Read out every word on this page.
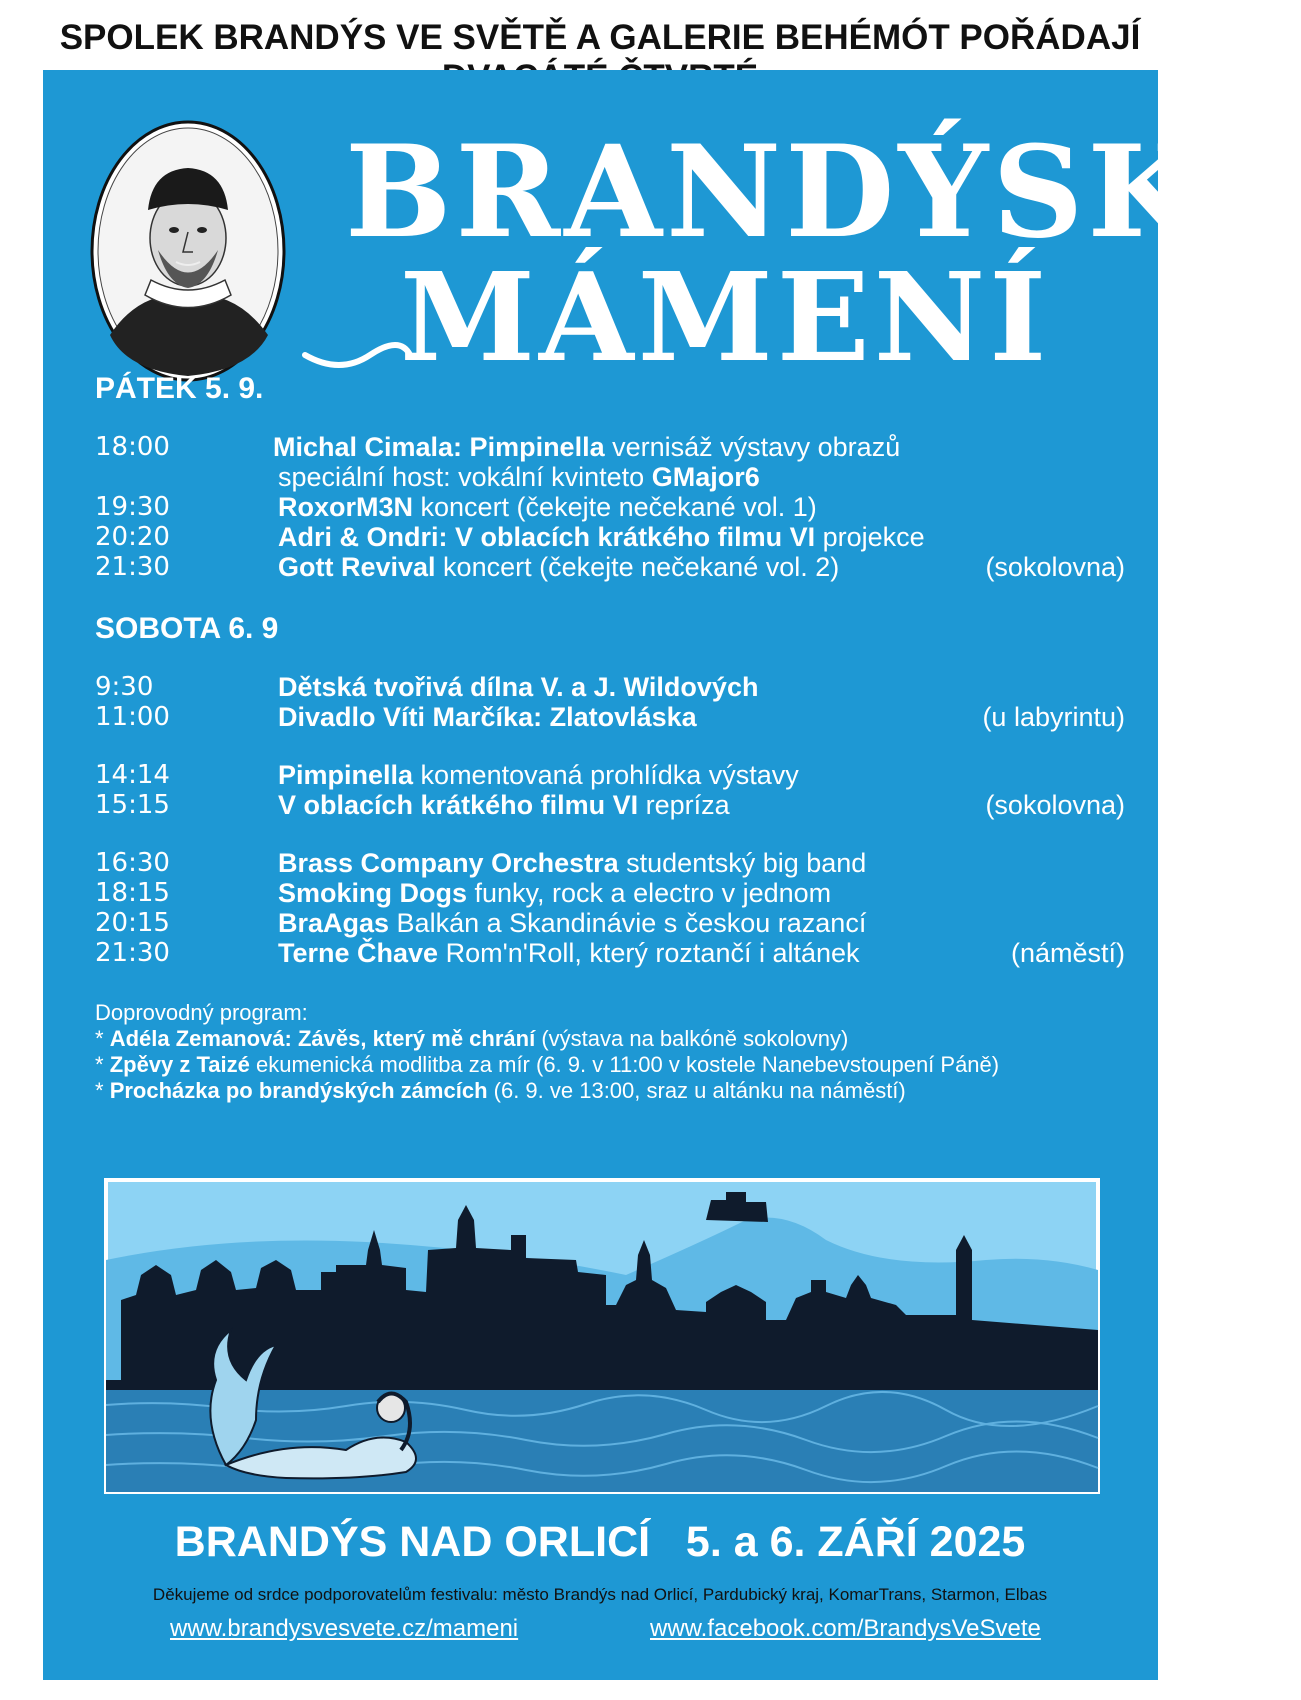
SPOLEK BRANDÝS VE SVĚTĚ A GALERIE BEHÉMÓT POŘÁDAJÍ
BRANDÝSKÉ
MÁMENÍ
PÁTEK 5. 9.
18:00	Michal Cimala: Pimpinella vernisáž výstavy obrazů
speciální host: vokální kvinteto GMajor6
19:30	RoxorM3N koncert (čekejte nečekané vol. 1)
20:20	Adri & Ondri: V oblacích krátkého filmu VI projekce
21:30	Gott Revival koncert (čekejte nečekané vol. 2)	(sokolovna)
SOBOTA 6. 9
9:30	Dětská tvořivá dílna V. a J. Wildových
11:00	Divadlo Víti Marčíka: Zlatovláska	(u labyrintu)
14:14	Pimpinella komentovaná prohlídka výstavy
15:15	V oblacích krátkého filmu VI repríza	(sokolovna)
16:30	Brass Company Orchestra studentský big band
18:15	Smoking Dogs funky, rock a electro v jednom
20:15	BraAgas Balkán a Skandinávie s českou razancí
21:30	Terne Čhave Rom'n'Roll, který roztančí i altánek	(náměstí)
Doprovodný program:
* Adéla Zemanová: Závěs, který mě chrání (výstava na balkóně sokolovny)
* Zpěvy z Taizé ekumenická modlitba za mír (6. 9. v 11:00 v kostele Nanebevstoupení Páně)
* Procházka po brandýských zámcích (6. 9. ve 13:00, sraz u altánku na náměstí)
BRANDÝS NAD ORLICÍ   5. a 6. ZÁŘÍ 2025
Děkujeme od srdce podporovatelům festivalu: město Brandýs nad Orlicí, Pardubický kraj, KomarTrans, Starmon, Elbas
www.brandysvesvete.cz/mameni	www.facebook.com/BrandysVeSvete
